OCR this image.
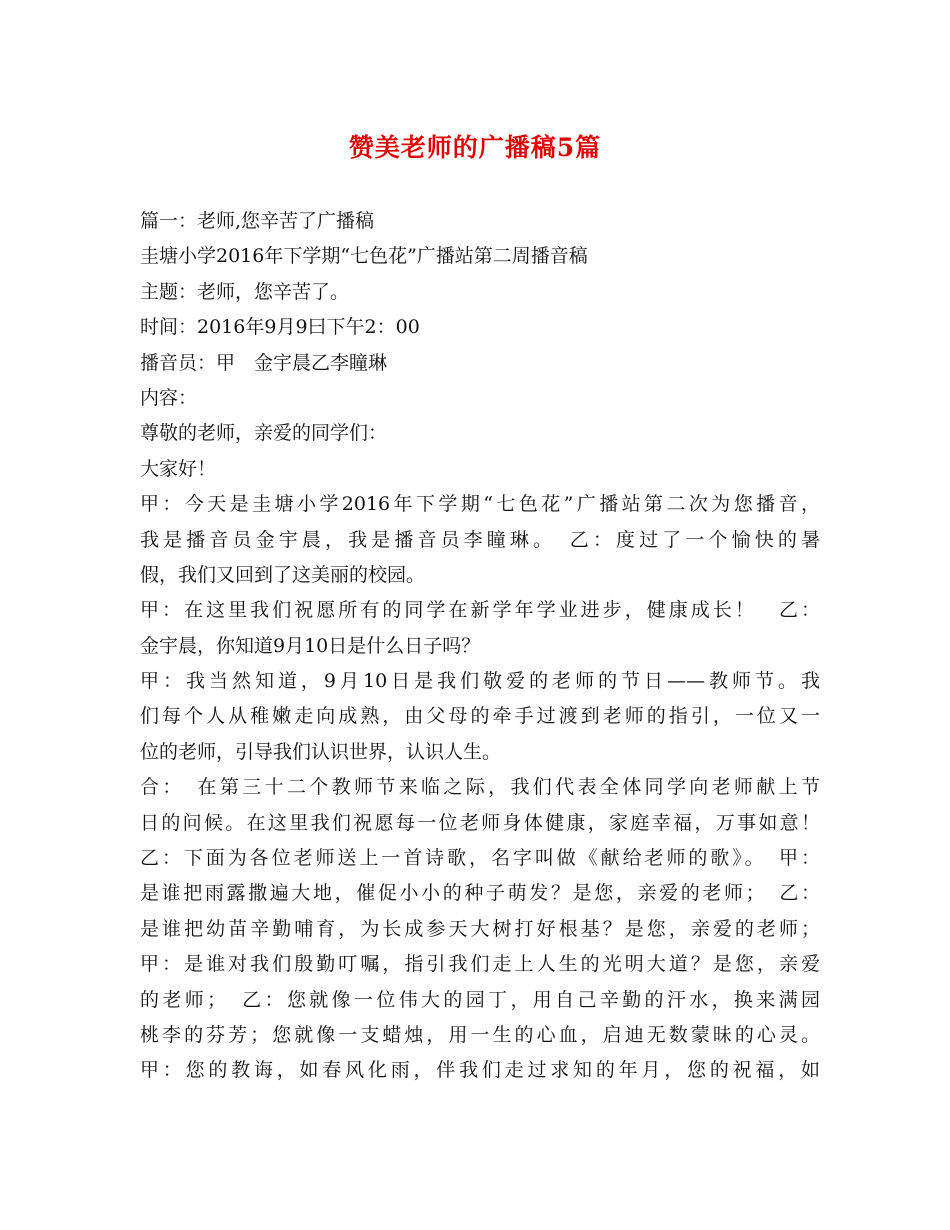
赞美老师的广播稿5篇
篇一：老师,您辛苦了广播稿
圭塘小学2016年下学期“七色花”广播站第二周播音稿
主题：老师，您辛苦了。
时间：2016年9月9曰下午2：00
播音员：甲　金宇晨乙李瞳琳
内容：
尊敬的老师，亲爱的同学们：
大家好！
甲：今天是圭塘小学2016年下学期“七色花”广播站第二次为您播音，
我是播音员金宇晨，我是播音员李瞳琳。　乙：度过了一个愉快的暑
假，我们又回到了这美丽的校园。
甲：在这里我们祝愿所有的同学在新学年学业进步，健康成长！　乙：
金宇晨，你知道9月10日是什么日子吗？
甲：我当然知道，9月10日是我们敬爱的老师的节日——教师节。我
们每个人从稚嫩走向成熟，由父母的牵手过渡到老师的指引，一位又一
位的老师，引导我们认识世界，认识人生。
合：　在第三十二个教师节来临之际，我们代表全体同学向老师献上节
日的问候。在这里我们祝愿每一位老师身体健康，家庭幸福，万事如意！
乙：下面为各位老师送上一首诗歌，名字叫做《献给老师的歌》。　甲：
是谁把雨露撒遍大地，催促小小的种子萌发？是您，亲爱的老师；　乙：
是谁把幼苗辛勤哺育，为长成参天大树打好根基？是您，亲爱的老师；
甲：是谁对我们殷勤叮嘱，指引我们走上人生的光明大道？是您，亲爱
的老师；　乙：您就像一位伟大的园丁，用自己辛勤的汗水，换来满园
桃李的芬芳；您就像一支蜡烛，用一生的心血，启迪无数蒙昧的心灵。
甲：您的教诲，如春风化雨，伴我们走过求知的年月，您的祝福，如
